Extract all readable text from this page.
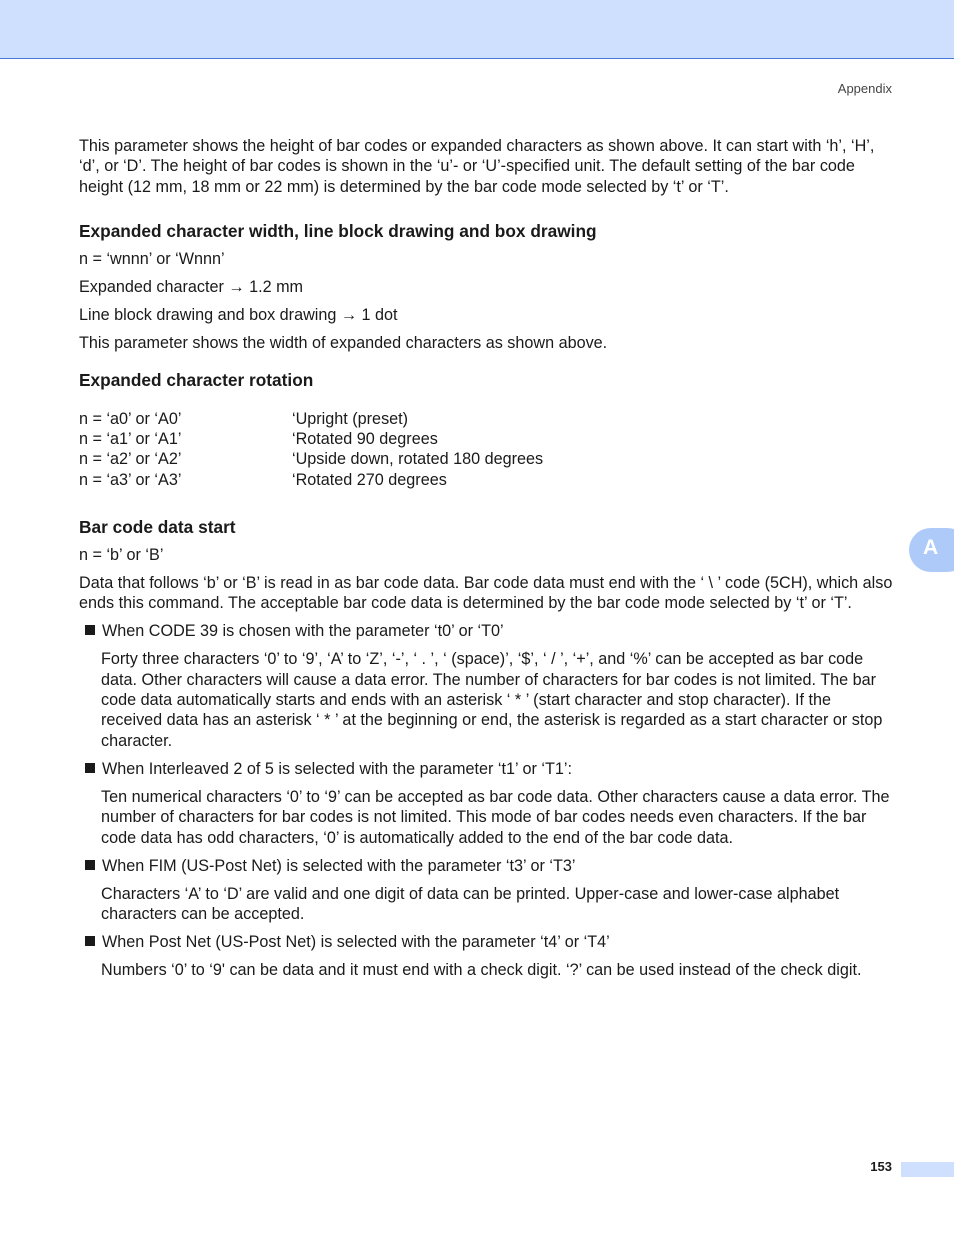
Appendix

This parameter shows the height of bar codes or expanded characters as shown above. It can start with ‘h’, ‘H’, ‘d’, or ‘D’. The height of bar codes is shown in the ‘u’- or ‘U’-specified unit. The default setting of the bar code height (12 mm, 18 mm or 22 mm) is determined by the bar code mode selected by ‘t’ or ‘T’.

Expanded character width, line block drawing and box drawing

n = ‘wnnn’ or ‘Wnnn’

Expanded character → 1.2 mm

Line block drawing and box drawing → 1 dot

This parameter shows the width of expanded characters as shown above.

Expanded character rotation
n = ‘a0’ or ‘A0’	‘Upright (preset)
n = ‘a1’ or ‘A1’	‘Rotated 90 degrees
n = ‘a2’ or ‘A2’	‘Upside down, rotated 180 degrees
n = ‘a3’ or ‘A3’	‘Rotated 270 degrees
Bar code data start

n = ‘b’ or ‘B’

Data that follows ‘b’ or ‘B’ is read in as bar code data. Bar code data must end with the ‘ \ ’ code (5CH), which also ends this command. The acceptable bar code data is determined by the bar code mode selected by ‘t’ or ‘T’.

When CODE 39 is chosen with the parameter ‘t0’ or ‘T0’

Forty three characters ‘0’ to ‘9’, ‘A’ to ‘Z’, ‘-’, ‘ . ’, ‘ (space)’, ‘$’, ‘ / ’, ‘+’, and ‘%’ can be accepted as bar code data. Other characters will cause a data error. The number of characters for bar codes is not limited. The bar code data automatically starts and ends with an asterisk ‘ * ’ (start character and stop character). If the received data has an asterisk ‘ * ’ at the beginning or end, the asterisk is regarded as a start character or stop character.

When Interleaved 2 of 5 is selected with the parameter ‘t1’ or ‘T1’:

Ten numerical characters ‘0’ to ‘9’ can be accepted as bar code data. Other characters cause a data error. The number of characters for bar codes is not limited. This mode of bar codes needs even characters. If the bar code data has odd characters, ‘0’ is automatically added to the end of the bar code data.

When FIM (US-Post Net) is selected with the parameter ‘t3’ or ‘T3’

Characters ‘A’ to ‘D’ are valid and one digit of data can be printed. Upper-case and lower-case alphabet characters can be accepted.

When Post Net (US-Post Net) is selected with the parameter ‘t4’ or ‘T4’

Numbers ‘0’ to ‘9' can be data and it must end with a check digit. ‘?’ can be used instead of the check digit.

A
153
